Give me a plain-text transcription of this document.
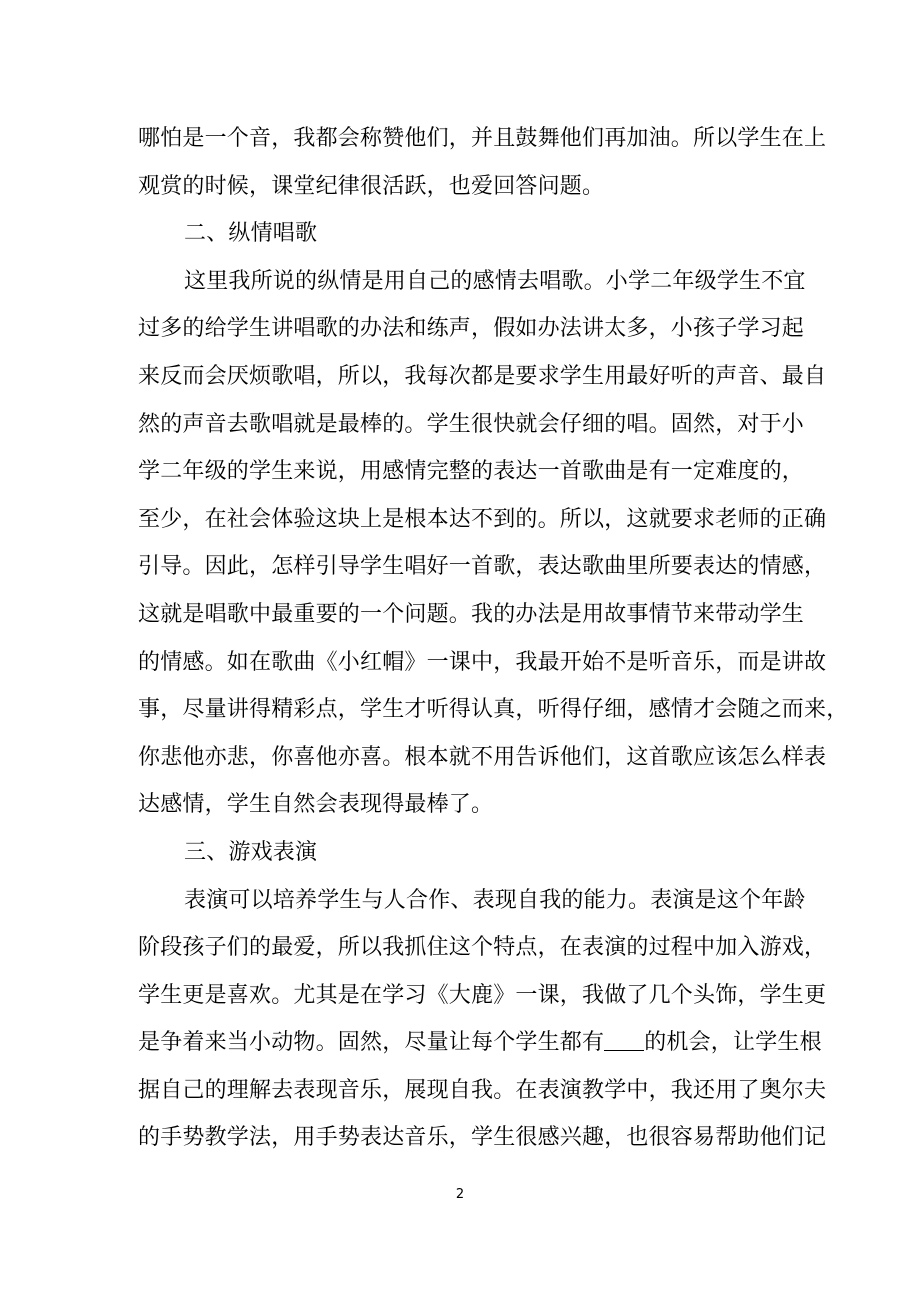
哪怕是一个音，我都会称赞他们，并且鼓舞他们再加油。所以学生在上
观赏的时候，课堂纪律很活跃，也爱回答问题。
二、纵情唱歌
这里我所说的纵情是用自己的感情去唱歌。小学二年级学生不宜
过多的给学生讲唱歌的办法和练声，假如办法讲太多，小孩子学习起
来反而会厌烦歌唱，所以，我每次都是要求学生用最好听的声音、最自
然的声音去歌唱就是最棒的。学生很快就会仔细的唱。固然，对于小
学二年级的学生来说，用感情完整的表达一首歌曲是有一定难度的，
至少，在社会体验这块上是根本达不到的。所以，这就要求老师的正确
引导。因此，怎样引导学生唱好一首歌，表达歌曲里所要表达的情感，
这就是唱歌中最重要的一个问题。我的办法是用故事情节来带动学生
的情感。如在歌曲《小红帽》一课中，我最开始不是听音乐，而是讲故
事，尽量讲得精彩点，学生才听得认真，听得仔细，感情才会随之而来，
你悲他亦悲，你喜他亦喜。根本就不用告诉他们，这首歌应该怎么样表
达感情，学生自然会表现得最棒了。
三、游戏表演
表演可以培养学生与人合作、表现自我的能力。表演是这个年龄
阶段孩子们的最爱，所以我抓住这个特点，在表演的过程中加入游戏，
学生更是喜欢。尤其是在学习《大鹿》一课，我做了几个头饰，学生更
是争着来当小动物。固然，尽量让每个学生都有 的机会，让学生根
据自己的理解去表现音乐，展现自我。在表演教学中，我还用了奥尔夫
的手势教学法，用手势表达音乐，学生很感兴趣，也很容易帮助他们记
2
